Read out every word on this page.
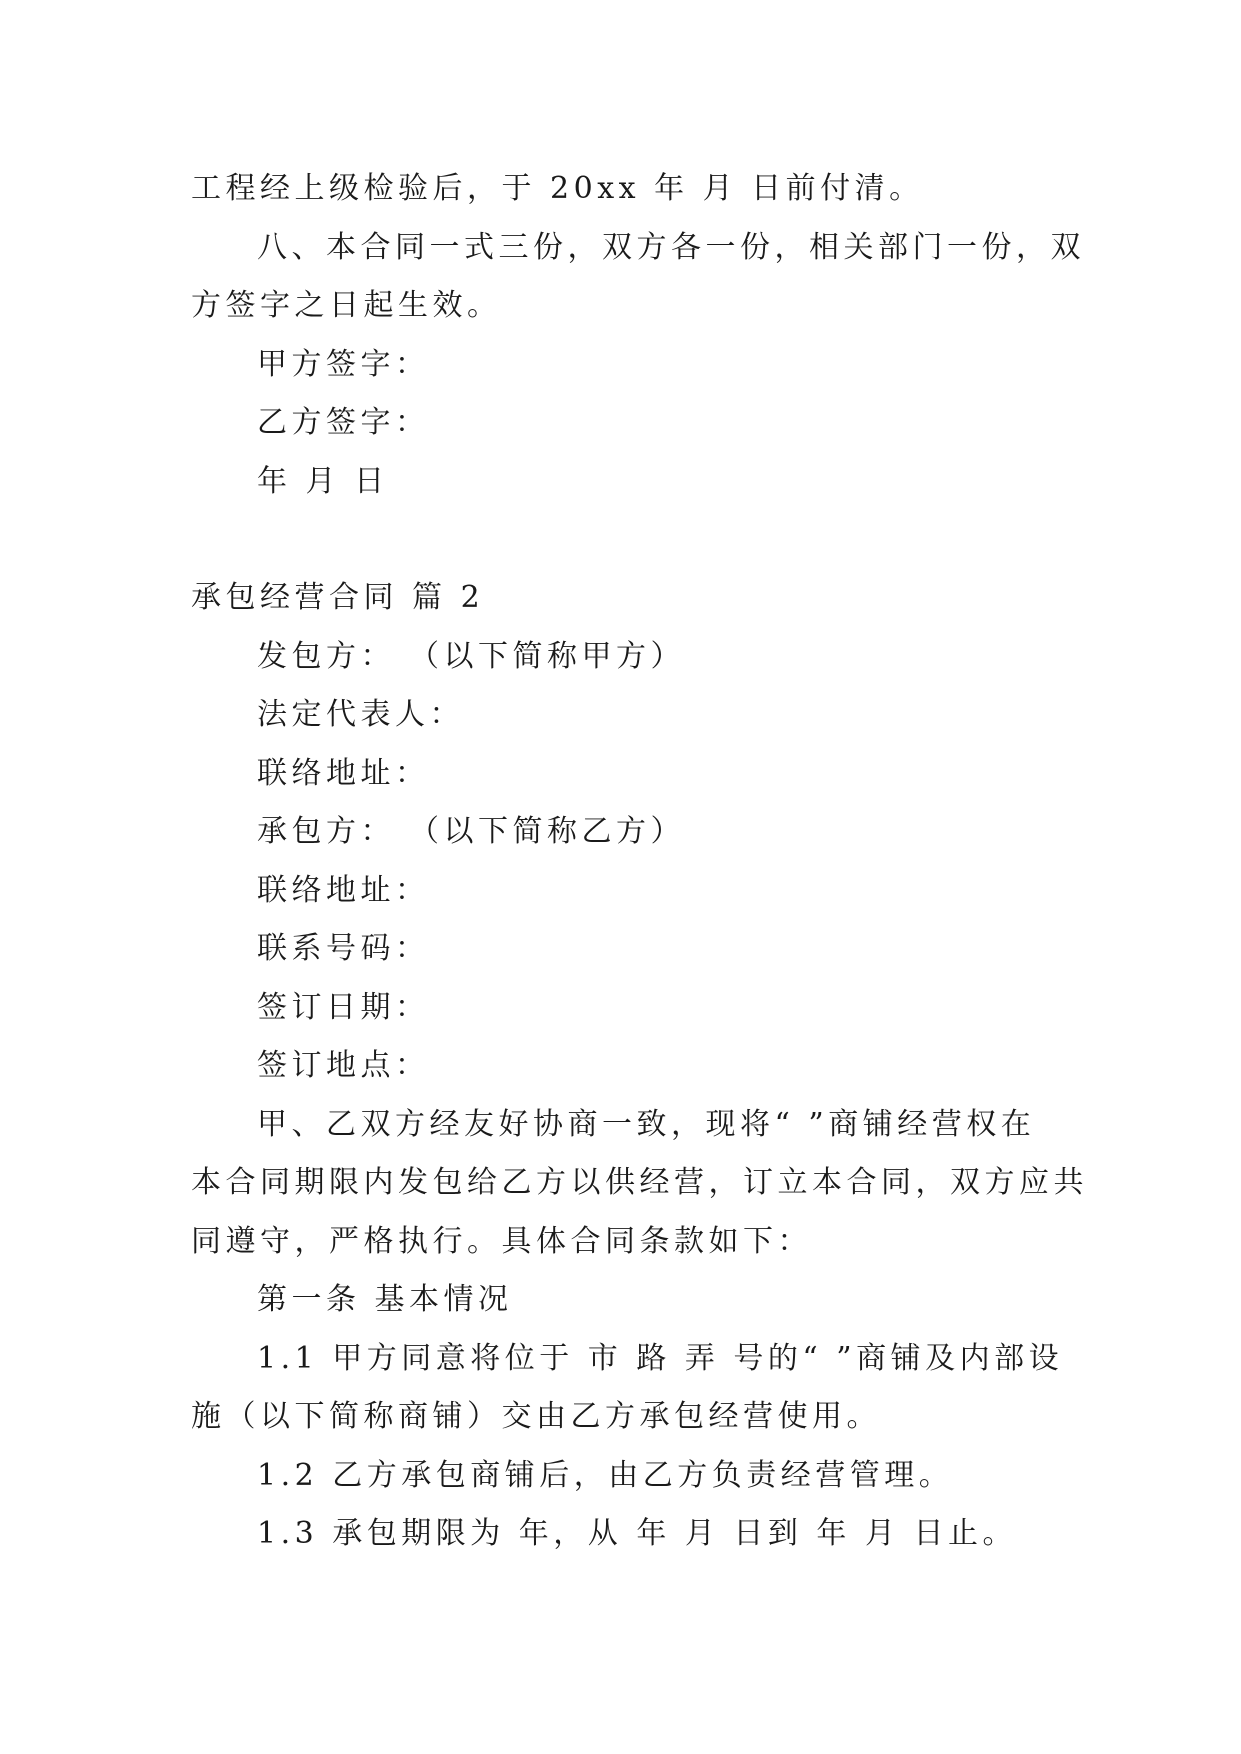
工程经上级检验后，于 20xx 年 月 日前付清。
八、本合同一式三份，双方各一份，相关部门一份，双
方签字之日起生效。
甲方签字：
乙方签字：
年 月 日
承包经营合同 篇 2
发包方： （以下简称甲方）
法定代表人：
联络地址：
承包方： （以下简称乙方）
联络地址：
联系号码：
签订日期：
签订地点：
甲、乙双方经友好协商一致，现将“ ”商铺经营权在
本合同期限内发包给乙方以供经营，订立本合同，双方应共
同遵守，严格执行。具体合同条款如下：
第一条 基本情况
1.1 甲方同意将位于 市 路 弄 号的“ ”商铺及内部设
施（以下简称商铺）交由乙方承包经营使用。
1.2 乙方承包商铺后，由乙方负责经营管理。
1.3 承包期限为 年，从 年 月 日到 年 月 日止。
